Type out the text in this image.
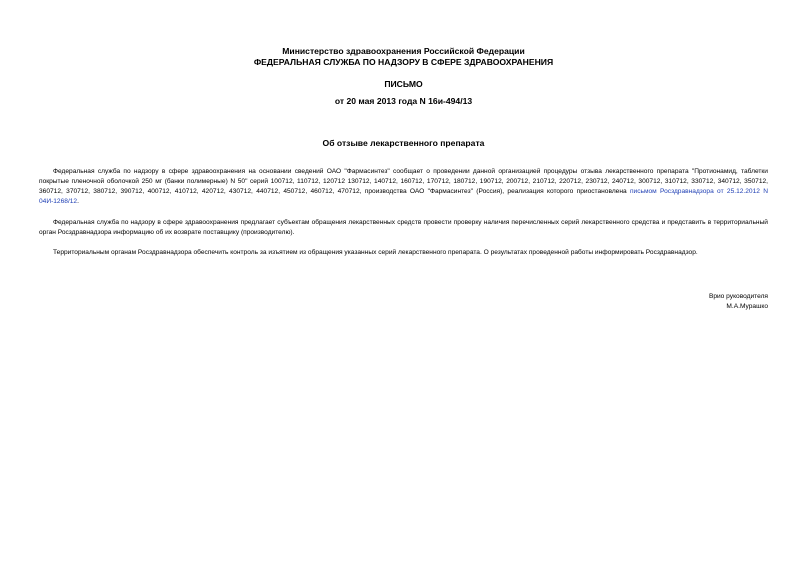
Министерство здравоохранения Российской Федерации
ФЕДЕРАЛЬНАЯ СЛУЖБА ПО НАДЗОРУ В СФЕРЕ ЗДРАВООХРАНЕНИЯ
ПИСЬМО
от 20 мая 2013 года N 16и-494/13
Об отзыве лекарственного препарата
Федеральная служба по надзору в сфере здравоохранения на основании сведений ОАО "Фармасинтез" сообщает о проведении данной организацией процедуры отзыва лекарственного препарата "Протионамид, таблетки покрытые пленочной оболочкой 250 мг (банки полимерные) N 50" серий 100712, 110712, 120712 130712, 140712, 160712, 170712, 180712, 190712, 200712, 210712, 220712, 230712, 240712, 300712, 310712, 330712, 340712, 350712, 360712, 370712, 380712, 390712, 400712, 410712, 420712, 430712, 440712, 450712, 460712, 470712, производства ОАО "Фармасинтез" (Россия), реализация которого приостановлена письмом Росздравнадзора от 25.12.2012 N 04И-1268/12.
Федеральная служба по надзору в сфере здравоохранения предлагает субъектам обращения лекарственных средств провести проверку наличия перечисленных серий лекарственного средства и представить в территориальный орган Росздравнадзора информацию об их возврате поставщику (производителю).
Территориальным органам Росздравнадзора обеспечить контроль за изъятием из обращения указанных серий лекарственного препарата. О результатах проведенной работы информировать Росздравнадзор.
Врио руководителя
М.А.Мурашко
